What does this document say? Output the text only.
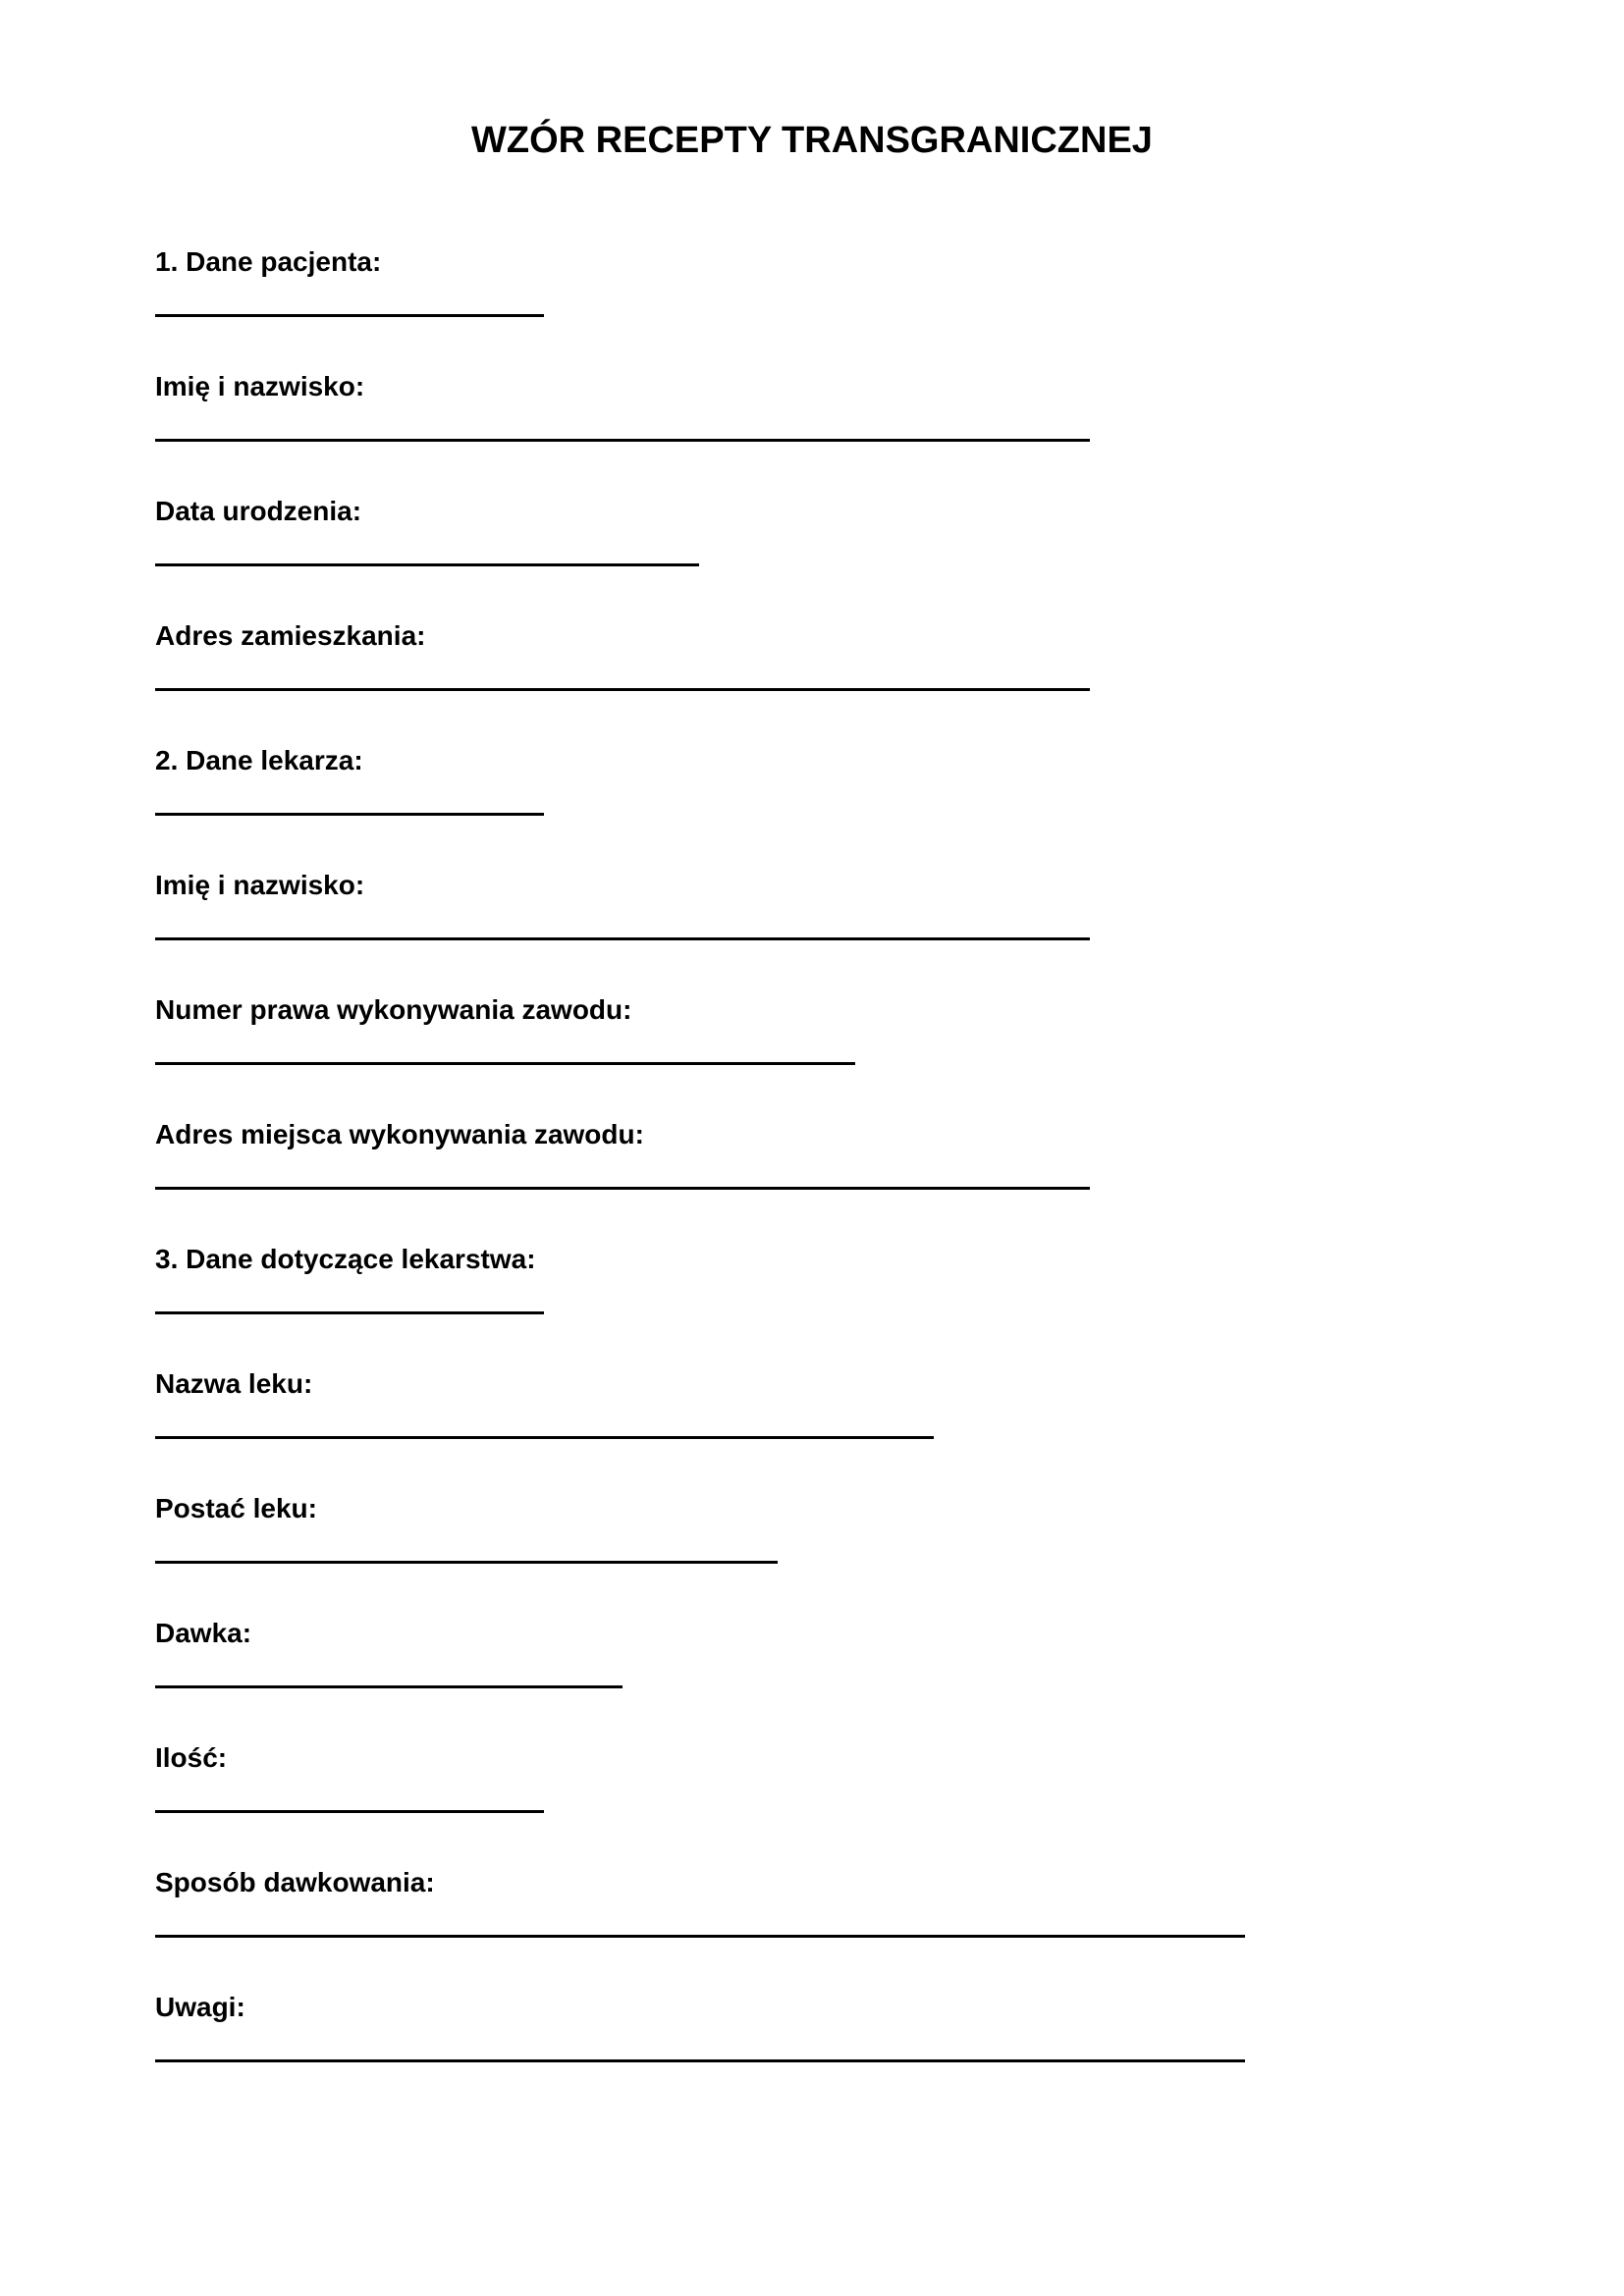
WZÓR RECEPTY TRANSGRANICZNEJ
1. Dane pacjenta:
Imię i nazwisko:
Data urodzenia:
Adres zamieszkania:
2. Dane lekarza:
Imię i nazwisko:
Numer prawa wykonywania zawodu:
Adres miejsca wykonywania zawodu:
3. Dane dotyczące lekarstwa:
Nazwa leku:
Postać leku:
Dawka:
Ilość:
Sposób dawkowania:
Uwagi:
